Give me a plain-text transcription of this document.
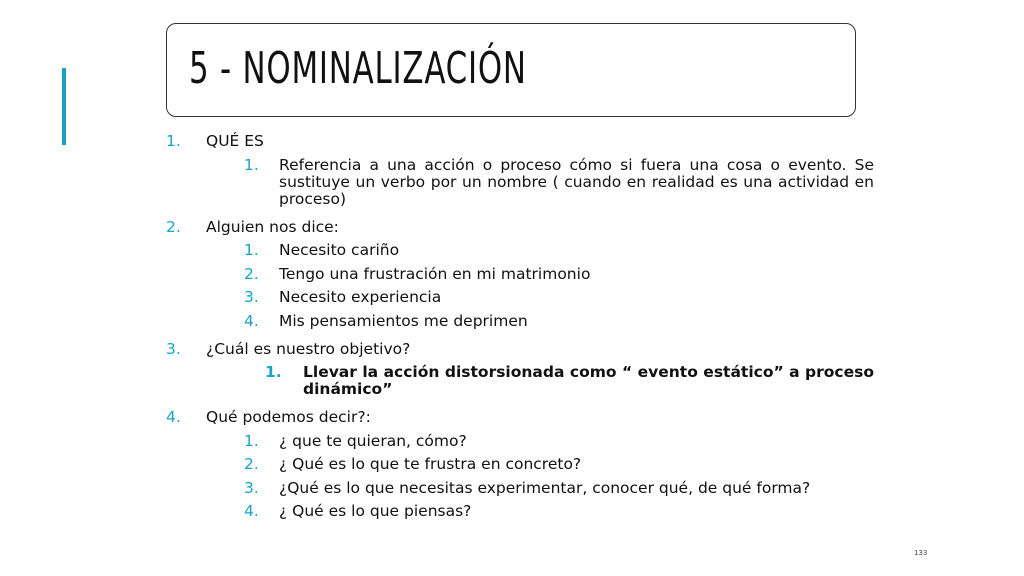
5 - NOMINALIZACIÓN
1. QUÉ ES
1. Referencia a una acción o proceso cómo si fuera una cosa o evento. Se sustituye un verbo por un nombre ( cuando en realidad es una actividad en proceso)
2. Alguien nos dice:
1. Necesito cariño
2. Tengo una frustración en mi matrimonio
3. Necesito experiencia
4. Mis pensamientos me deprimen
3. ¿Cuál es nuestro objetivo?
1. Llevar la acción distorsionada como “ evento estático” a proceso dinámico”
4. Qué podemos decir?:
1. ¿ que te quieran, cómo?
2. ¿ Qué es lo que te frustra en concreto?
3. ¿Qué es lo que necesitas experimentar, conocer qué, de qué forma?
4. ¿ Qué es lo que piensas?
133
